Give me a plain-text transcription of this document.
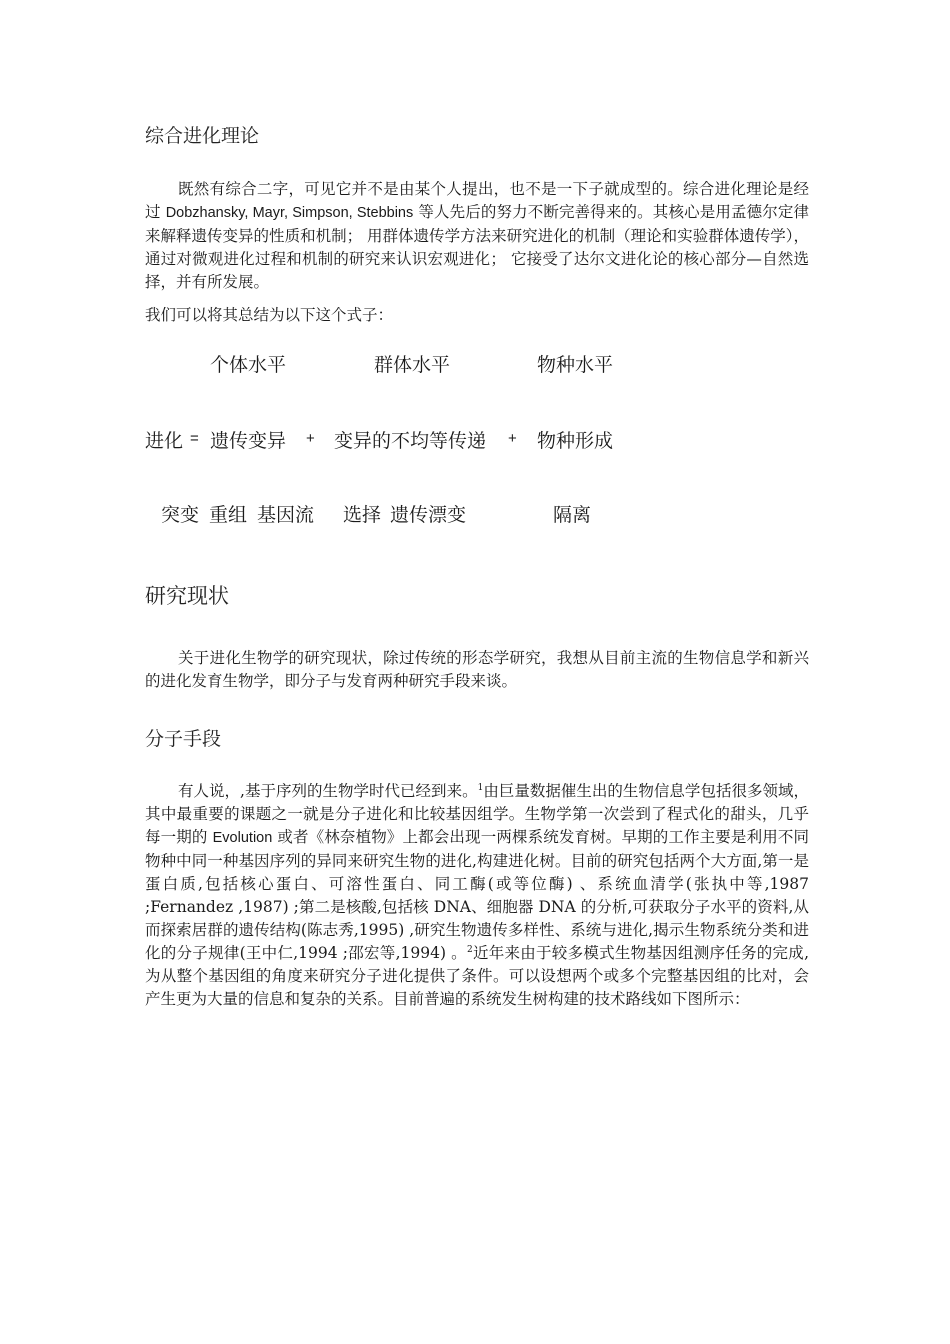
综合进化理论

既然有综合二字，可见它并不是由某个人提出，也不是一下子就成型的。综合进化理论是经过 Dobzhansky, Mayr, Simpson, Stebbins 等人先后的努力不断完善得来的。其核心是用孟德尔定律来解释遗传变异的性质和机制； 用群体遗传学方法来研究进化的机制（理论和实验群体遗传学），通过对微观进化过程和机制的研究来认识宏观进化； 它接受了达尔文进化论的核心部分—自然选择，并有所发展。

我们可以将其总结为以下这个式子：

个体水平	群体水平	物种水平
进化 = 遗传变异 + 变异的不均等传递 + 物种形成
突变 重组 基因流 选择 遗传漂变	隔离
研究现状

关于进化生物学的研究现状，除过传统的形态学研究，我想从目前主流的生物信息学和新兴的进化发育生物学，即分子与发育两种研究手段来谈。

分子手段

有人说，,基于序列的生物学时代已经到来。$^1$由巨量数据催生出的生物信息学包括很多领域，其中最重要的课题之一就是分子进化和比较基因组学。生物学第一次尝到了程式化的甜头，几乎每一期的 Evolution 或者《林奈植物》上都会出现一两棵系统发育树。早期的工作主要是利用不同物种中同一种基因序列的异同来研究生物的进化,构建进化树。目前的研究包括两个大方面,第一是蛋白质,包括核心蛋白、可溶性蛋白、同工酶(或等位酶) 、系统血清学(张执中等,1987 ;Fernandez ,1987) ;第二是核酸,包括核 DNA、细胞器 DNA 的分析,可获取分子水平的资料,从而探索居群的遗传结构(陈志秀,1995) ,研究生物遗传多样性、系统与进化,揭示生物系统分类和进化的分子规律(王中仁,1994 ;邵宏等,1994) 。$^2$近年来由于较多模式生物基因组测序任务的完成,为从整个基因组的角度来研究分子进化提供了条件。可以设想两个或多个完整基因组的比对，会产生更为大量的信息和复杂的关系。目前普遍的系统发生树构建的技术路线如下图所示：
